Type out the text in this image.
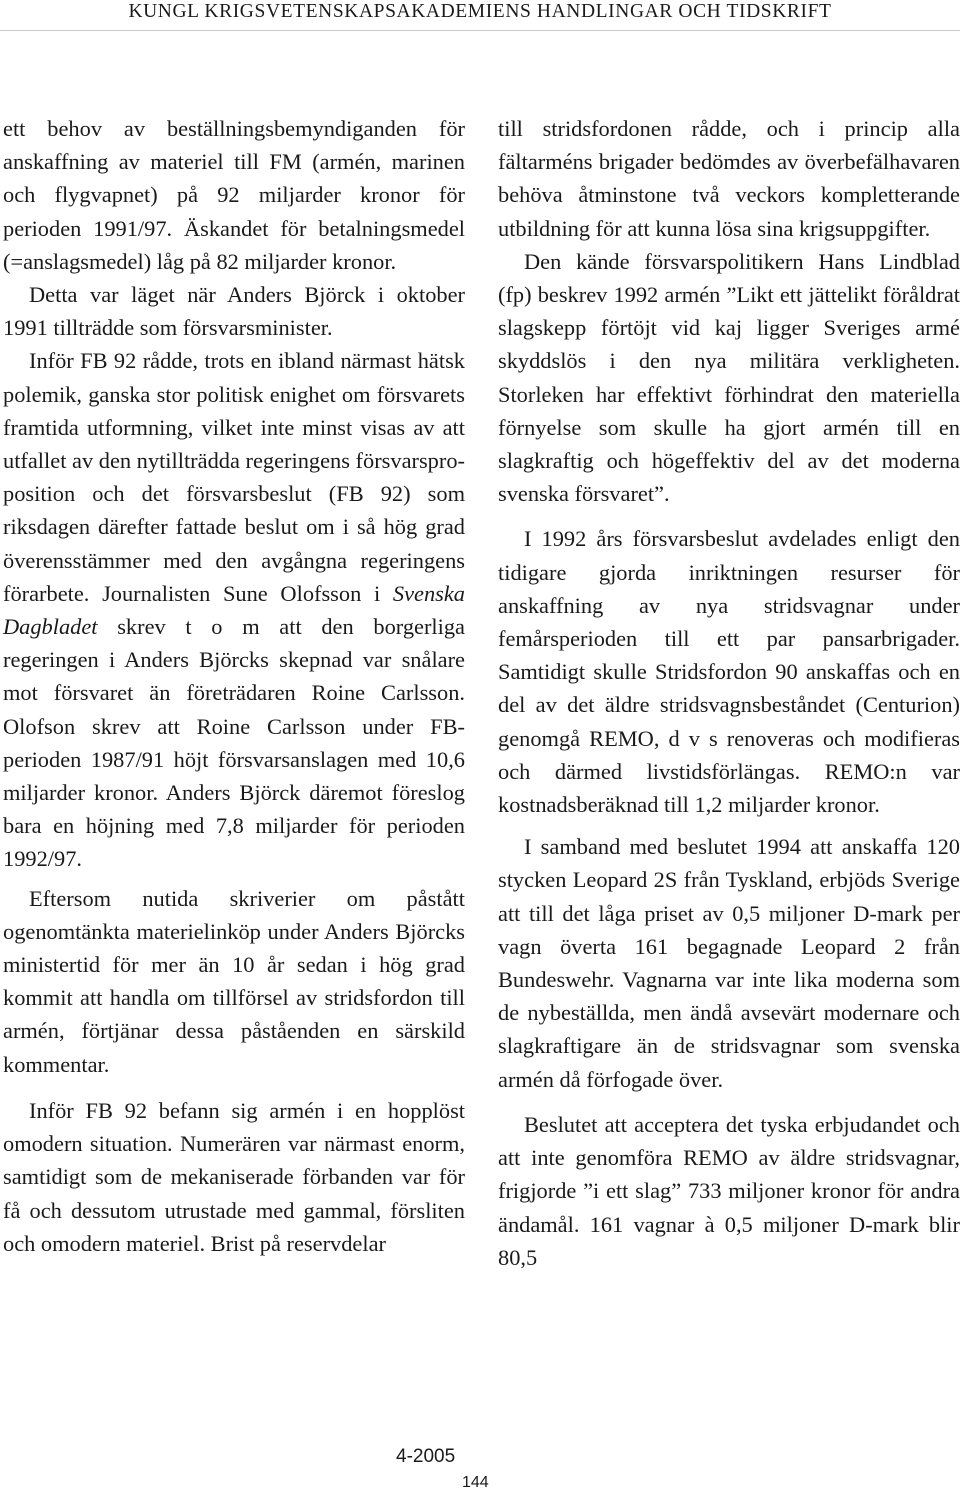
KUNGL KRIGSVETENSKAPSAKADEMIENS HANDLINGAR OCH TIDSKRIFT

ett behov av beställningsbemyndiganden för anskaffning av materiel till FM (armén, marinen och flygvapnet) på 92 miljarder kronor för perioden 1991/97. Äskandet för betalningsmedel (=anslagsmedel) låg på 82 miljarder kronor.

Detta var läget när Anders Björck i oktober 1991 tillträdde som försvarsminister.

Inför FB 92 rådde, trots en ibland närmast hätsk polemik, ganska stor politisk enighet om försvarets framtida utformning, vilket inte minst visas av att utfallet av den nytillträdda regeringens försvarsproposition och det försvarsbeslut (FB 92) som riksdagen därefter fattade beslut om i så hög grad överensstämmer med den avgångna regeringens förarbete. Journalisten Sune Olofsson i Svenska Dagbladet skrev t o m att den borgerliga regeringen i Anders Björcks skepnad var snålare mot försvaret än företrädaren Roine Carlsson. Olofson skrev att Roine Carlsson under FB-perioden 1987/91 höjt försvarsanslagen med 10,6 miljarder kronor. Anders Björck däremot föreslog bara en höjning med 7,8 miljarder för perioden 1992/97.

Eftersom nutida skriverier om påstått ogenomtänkta materielinköp under Anders Björcks ministertid för mer än 10 år sedan i hög grad kommit att handla om tillförsel av stridsfordon till armén, förtjänar dessa påståenden en särskild kommentar.

Inför FB 92 befann sig armén i en hopplöst omodern situation. Numerären var närmast enorm, samtidigt som de mekaniserade förbanden var för få och dessutom utrustade med gammal, försliten och omodern materiel. Brist på reservdelar

till stridsfordonen rådde, och i princip alla fältarméns brigader bedömdes av överbefälhavaren behöva åtminstone två veckors kompletterande utbildning för att kunna lösa sina krigsuppgifter.

Den kände försvarspolitikern Hans Lindblad (fp) beskrev 1992 armén ”Likt ett jättelikt föråldrat slagskepp förtöjt vid kaj ligger Sveriges armé skyddslös i den nya militära verkligheten. Storleken har effektivt förhindrat den materiella förnyelse som skulle ha gjort armén till en slagkraftig och högeffektiv del av det moderna svenska försvaret”.

I 1992 års försvarsbeslut avdelades enligt den tidigare gjorda inriktningen resurser för anskaffning av nya stridsvagnar under femårsperioden till ett par pansarbrigader. Samtidigt skulle Stridsfordon 90 anskaffas och en del av det äldre stridsvagnsbeståndet (Centurion) genomgå REMO, d v s renoveras och modifieras och därmed livstidsförlängas. REMO:n var kostnadsberäknad till 1,2 miljarder kronor.

I samband med beslutet 1994 att anskaffa 120 stycken Leopard 2S från Tyskland, erbjöds Sverige att till det låga priset av 0,5 miljoner D-mark per vagn överta 161 begagnade Leopard 2 från Bundeswehr. Vagnarna var inte lika moderna som de nybeställda, men ändå avsevärt modernare och slagkraftigare än de stridsvagnar som svenska armén då förfogade över.

Beslutet att acceptera det tyska erbjudandet och att inte genomföra REMO av äldre stridsvagnar, frigjorde ”i ett slag” 733 miljoner kronor för andra ändamål. 161 vagnar à 0,5 miljoner D-mark blir 80,5

4-2005
144
